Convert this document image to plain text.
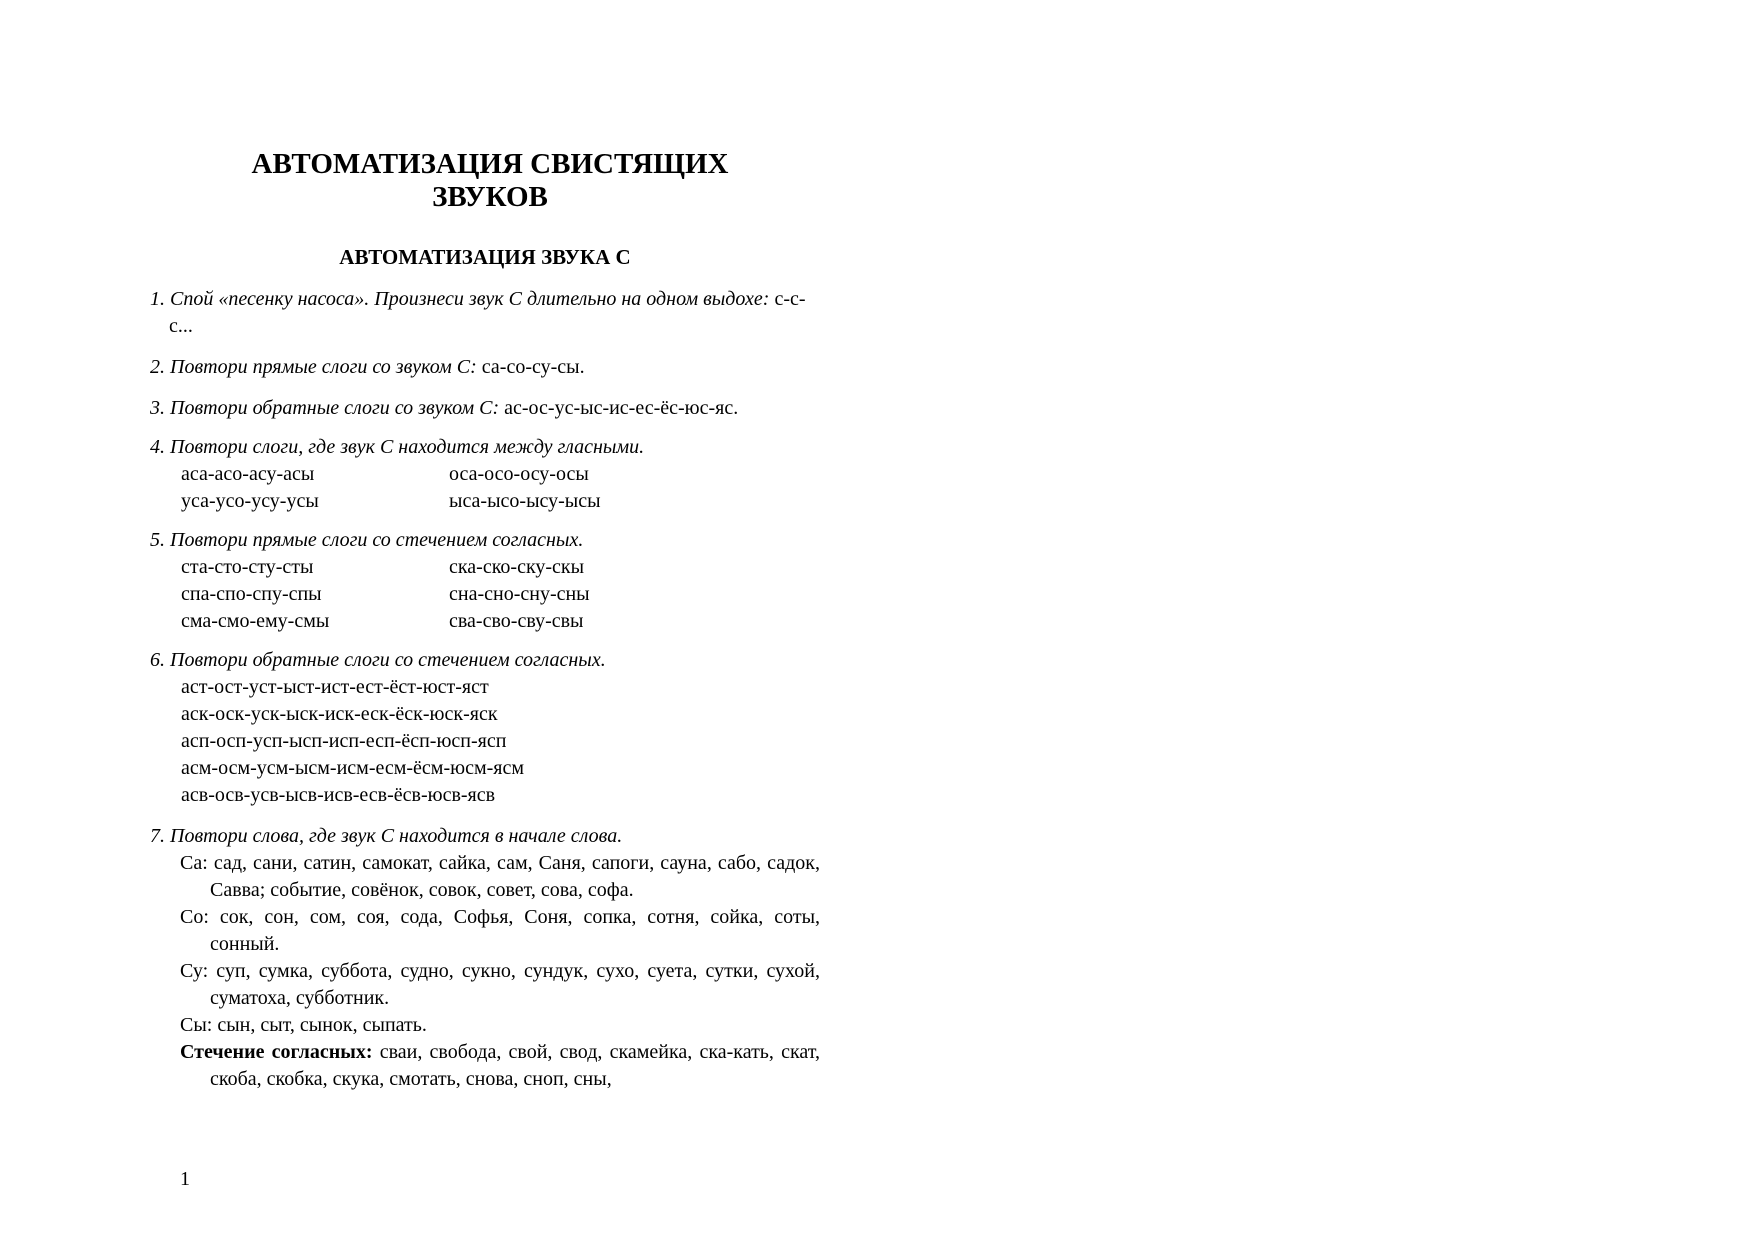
АВТОМАТИЗАЦИЯ СВИСТЯЩИХ
ЗВУКОВ
АВТОМАТИЗАЦИЯ ЗВУКА С
1. Спой «песенку насоса». Произнеси звук С длительно на одном выдохе: с-с-с...
2. Повтори прямые слоги со звуком С: са-со-су-сы.
3. Повтори обратные слоги со звуком С: ас-ос-ус-ыс-ис-ес-ёс-юс-яс.

4. Повтори слоги, где звук С находится между гласными.

аса-асо-асу-асы	оса-осо-осу-осы
уса-усо-усу-усы	ыса-ысо-ысу-ысы

5. Повтори прямые слоги со стечением согласных.

ста-сто-сту-сты	ска-ско-ску-скы
спа-спо-спу-спы	сна-сно-сну-сны
сма-смо-ему-смы	сва-сво-сву-свы

6. Повтори обратные слоги со стечением согласных.

аст-ост-уст-ыст-ист-ест-ёст-юст-яст
аск-оск-уск-ыск-иск-еск-ёск-юск-яск
асп-осп-усп-ысп-исп-есп-ёсп-юсп-ясп
асм-осм-усм-ысм-исм-есм-ёсм-юсм-ясм
асв-осв-усв-ысв-исв-есв-ёсв-юсв-ясв

7. Повтори слова, где звук С находится в начале слова.

Са: сад, сани, сатин, самокат, сайка, сам, Саня, сапоги, сауна, сабо, садок, Савва; событие, совёнок, совок, совет, сова, софа.

Со: сок, сон, сом, соя, сода, Софья, Соня, сопка, сотня, сойка, соты, сонный.

Су: суп, сумка, суббота, судно, сукно, сундук, сухо, суета, сутки, сухой, суматоха, субботник.

Сы: сын, сыт, сынок, сыпать.

Стечение согласных: сваи, свобода, свой, свод, скамейка, ска-кать, скат, скоба, скобка, скука, смотать, снова, сноп, сны,

1
